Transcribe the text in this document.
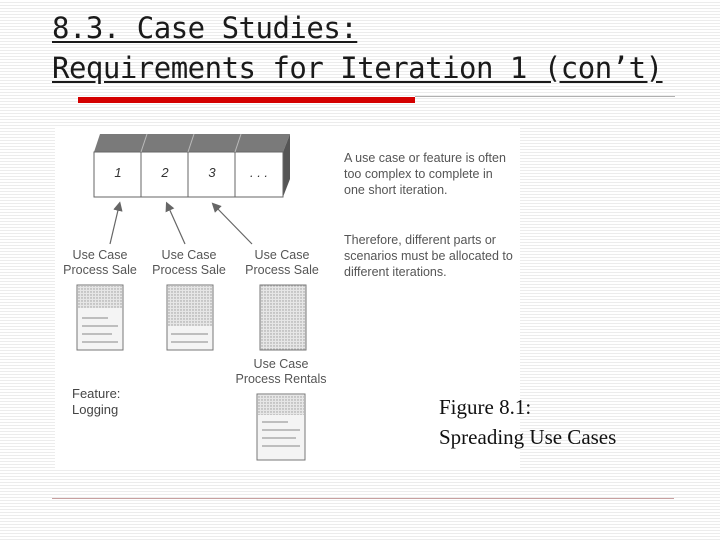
8.3. Case Studies:
Requirements for Iteration 1 (con’t)
1	2	3	. . .
Use Case
Process Sale
Use Case
Process Sale
Use Case
Process Sale
Use Case
Process Rentals
A use case or feature is often too complex to complete in one short iteration.
Therefore, different parts or scenarios must be allocated to different iterations.
Feature:
Logging	Figure 8.1:
Spreading Use Cases
